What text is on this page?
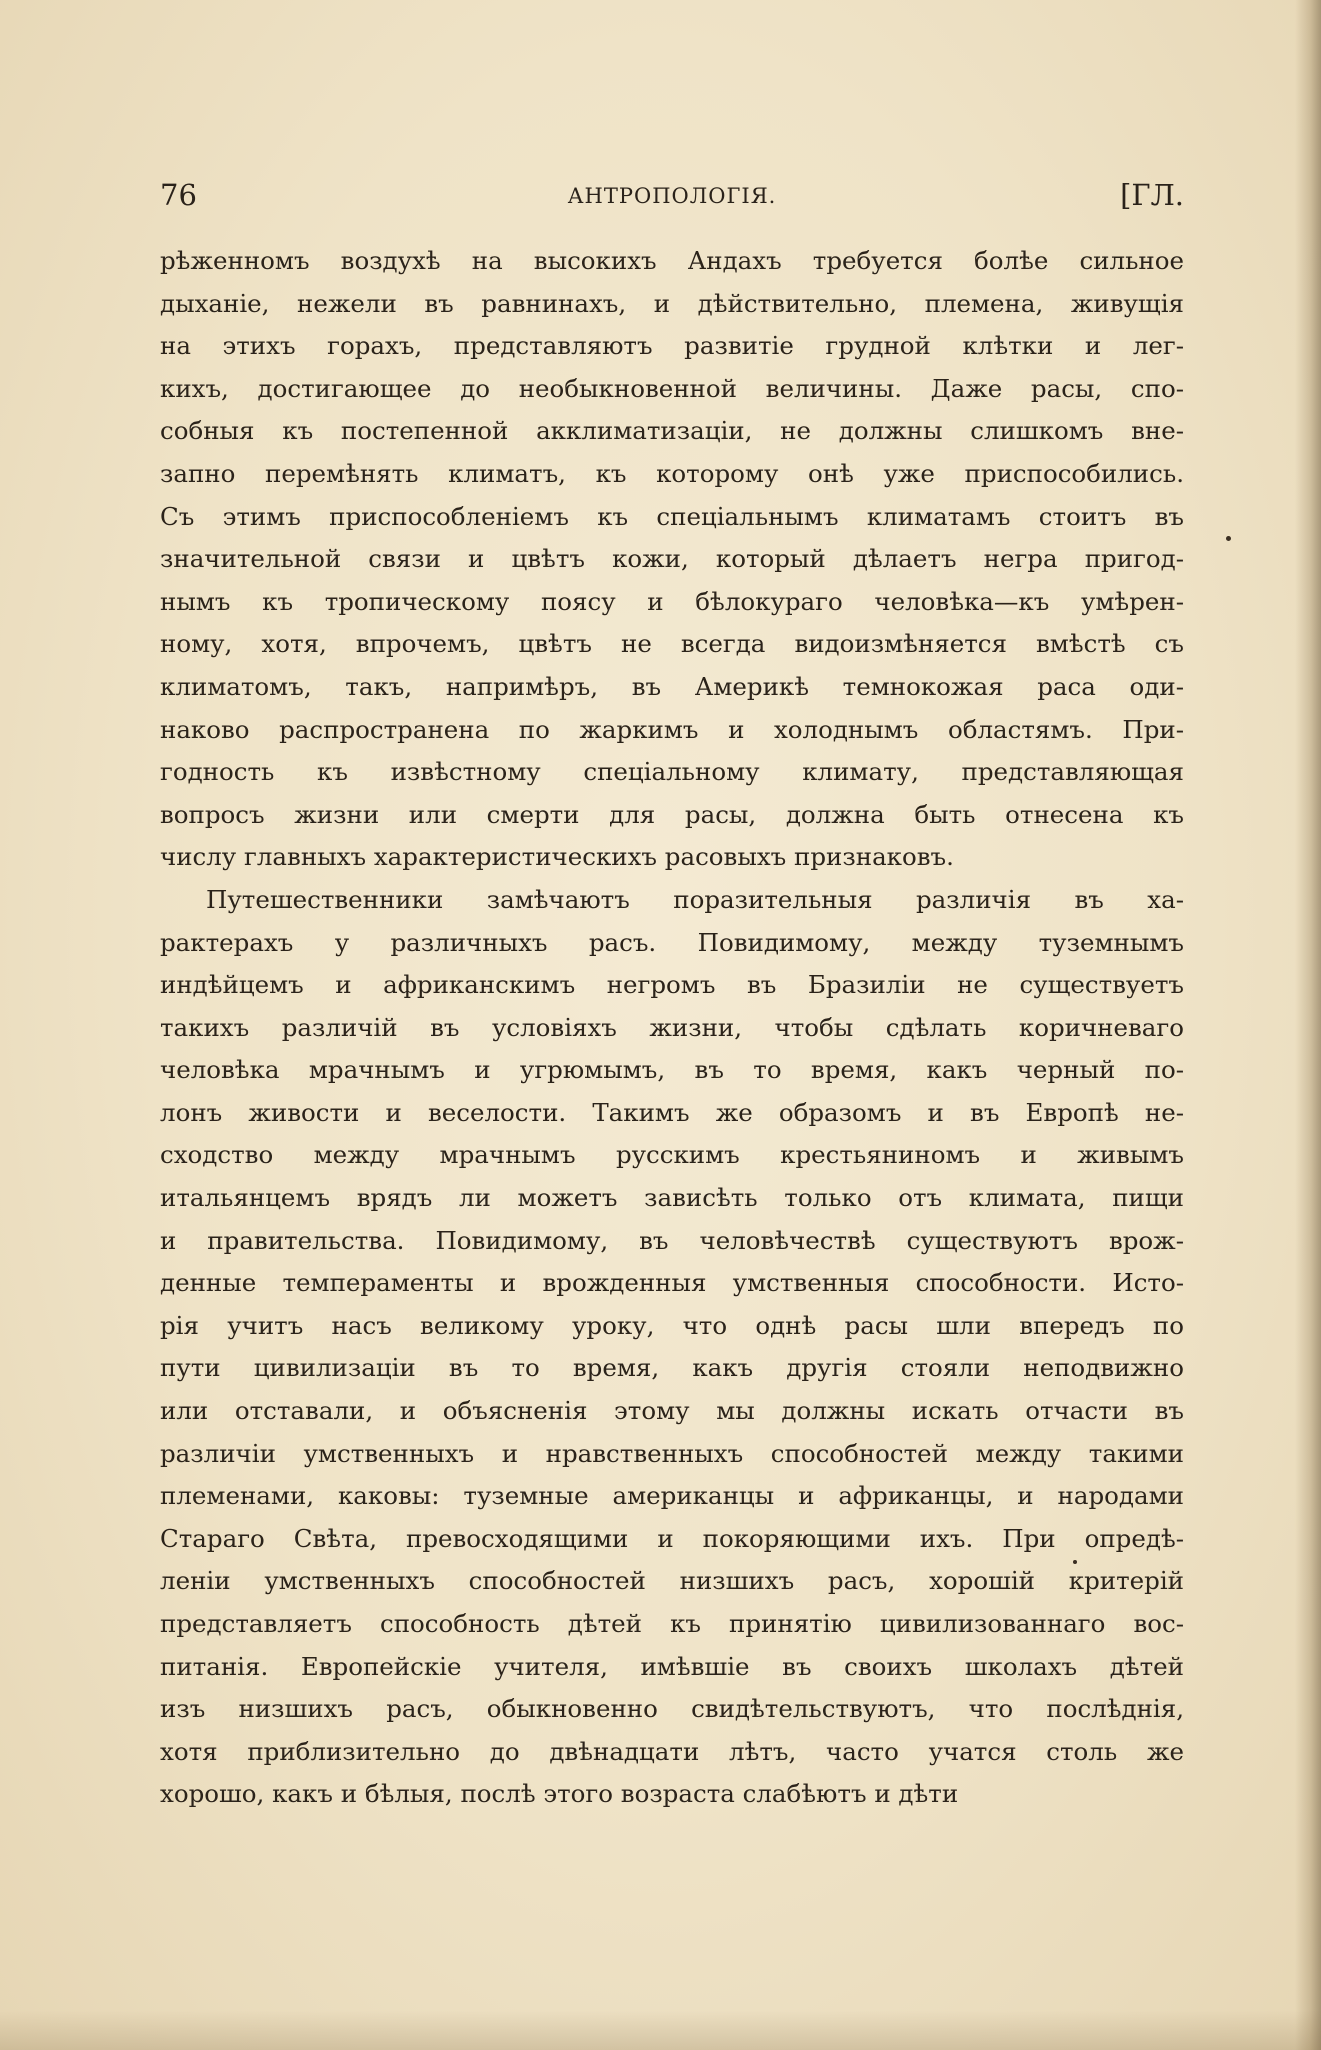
76	АНТРОПОЛОГІЯ.	[ГЛ.
рѣженномъ воздухѣ на высокихъ Андахъ требуется болѣе сильное
дыханіе, нежели въ равнинахъ, и дѣйствительно, племена, живущія
на этихъ горахъ, представляютъ развитіе грудной клѣтки и лег-
кихъ, достигающее до необыкновенной величины. Даже расы, спо-
собныя къ постепенной акклиматизаціи, не должны слишкомъ вне-
запно перемѣнять климатъ, къ которому онѣ уже приспособились.
Съ этимъ приспособленіемъ къ спеціальнымъ климатамъ стоитъ въ
значительной связи и цвѣтъ кожи, который дѣлаетъ негра пригод-
нымъ къ тропическому поясу и бѣлокураго человѣка—къ умѣрен-
ному, хотя, впрочемъ, цвѣтъ не всегда видоизмѣняется вмѣстѣ съ
климатомъ, такъ, напримѣръ, въ Америкѣ темнокожая раса оди-
наково распространена по жаркимъ и холоднымъ областямъ. При-
годность къ извѣстному спеціальному климату, представляющая
вопросъ жизни или смерти для расы, должна быть отнесена къ
числу главныхъ характеристическихъ расовыхъ признаковъ.
Путешественники замѣчаютъ поразительныя различія въ ха-
рактерахъ у различныхъ расъ. Повидимому, между туземнымъ
индѣйцемъ и африканскимъ негромъ въ Бразиліи не существуетъ
такихъ различій въ условіяхъ жизни, чтобы сдѣлать коричневаго
человѣка мрачнымъ и угрюмымъ, въ то время, какъ черный по-
лонъ живости и веселости. Такимъ же образомъ и въ Европѣ не-
сходство между мрачнымъ русскимъ крестьяниномъ и живымъ
итальянцемъ врядъ ли можетъ зависѣть только отъ климата, пищи
и правительства. Повидимому, въ человѣчествѣ существуютъ врож-
денные темпераменты и врожденныя умственныя способности. Исто-
рія учитъ насъ великому уроку, что однѣ расы шли впередъ по
пути цивилизаціи въ то время, какъ другія стояли неподвижно
или отставали, и объясненія этому мы должны искать отчасти въ
различіи умственныхъ и нравственныхъ способностей между такими
племенами, каковы: туземные американцы и африканцы, и народами
Стараго Свѣта, превосходящими и покоряющими ихъ. При опредѣ-
леніи умственныхъ способностей низшихъ расъ, хорошій критерій
представляетъ способность дѣтей къ принятію цивилизованнаго вос-
питанія. Европейскіе учителя, имѣвшіе въ своихъ школахъ дѣтей
изъ низшихъ расъ, обыкновенно свидѣтельствуютъ, что послѣднія,
хотя приблизительно до двѣнадцати лѣтъ, часто учатся столь же
хорошо, какъ и бѣлыя, послѣ этого возраста слабѣютъ и дѣти
